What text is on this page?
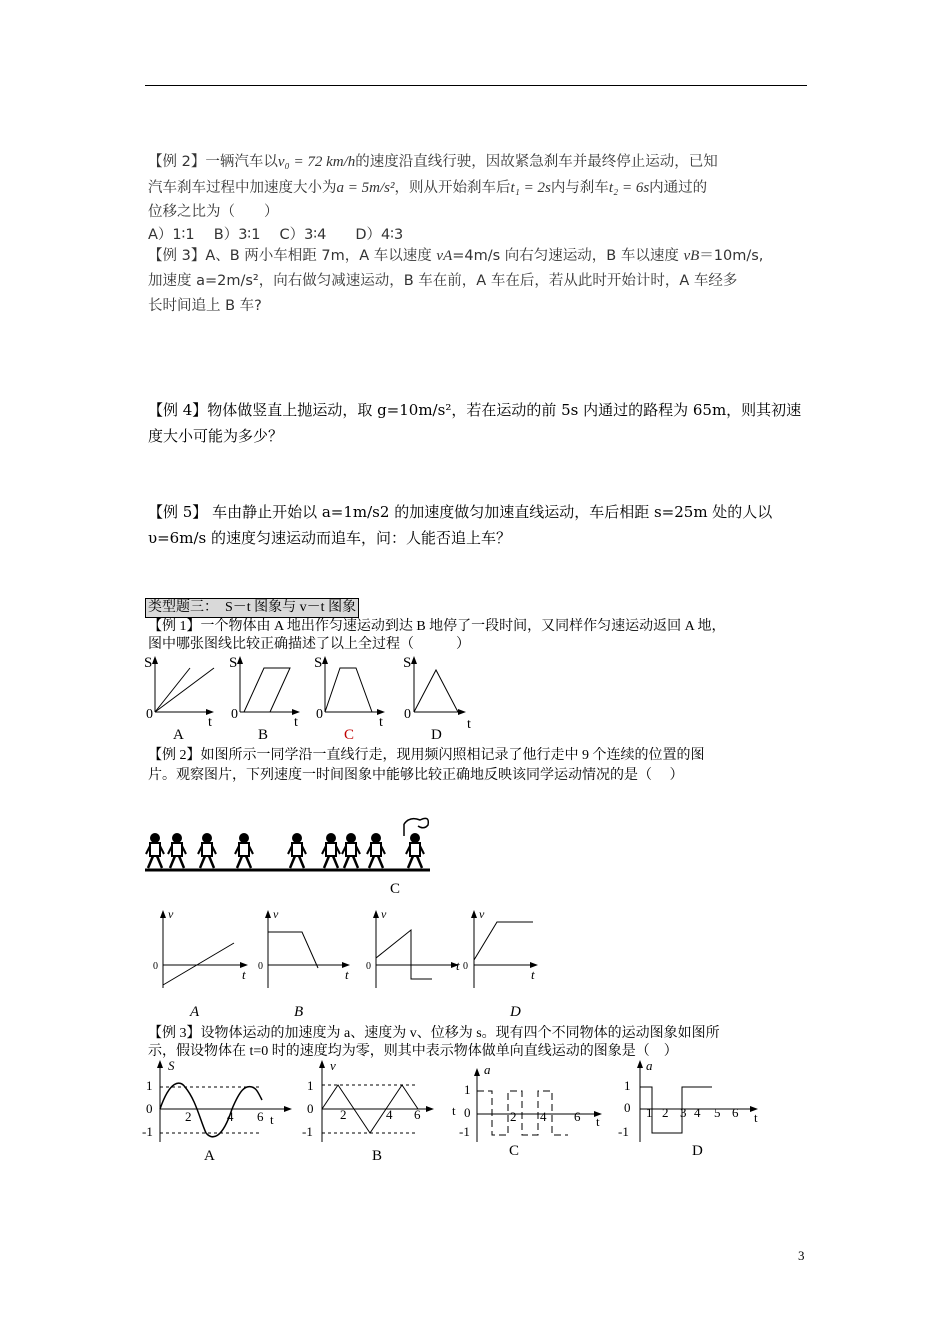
【例 2】一辆汽车以v₀ = 72 km/h的速度沿直线行驶，因故紧急刹车并最终停止运动，已知
汽车刹车过程中加速度大小为a = 5m/s²，则从开始刹车后t₁ = 2s内与刹车t₂ = 6s内通过的
位移之比为（　　）
A）1∶1　 B）3∶1　 C）3∶4　　D）4∶3
【例 3】A、B 两小车相距 7m，A 车以速度 vA=4m/s 向右匀速运动，B 车以速度 vB＝10m/s,
加速度 a=2m/s²，向右做匀减速运动，B 车在前，A 车在后，若从此时开始计时，A 车经多
长时间追上 B 车?
【例 4】物体做竖直上抛运动，取 g=10m/s²，若在运动的前 5s 内通过的路程为 65m，则其初速
度大小可能为多少？
【例 5】 车由静止开始以 a=1m/s2 的加速度做匀加速直线运动，车后相距 s=25m 处的人以
υ=6m/s 的速度匀速运动而追车，问：人能否追上车？
类型题三：　S－t 图象与 v－t 图象
【例 1】一个物体由 A 地出作匀速运动到达 B 地停了一段时间，又同样作匀速运动返回 A 地，
图中哪张图线比较正确描述了以上全过程（　　　）
S
0
t
A
S
0
t
B
S
0
t
C
S
0
t
D
【例 2】如图所示一同学沿一直线行走，现用频闪照相记录了他行走中 9 个连续的位置的图
片。观察图片，下列速度一时间图象中能够比较正确地反映该同学运动情况的是（　 ）
C
v
0
t
A
v
0
t
B
v
0	t
v
0
t
D
【例 3】设物体运动的加速度为 a、速度为 v、位移为 s。现有四个不同物体的运动图象如图所
示，假设物体在 t=0 时的速度均为零，则其中表示物体做单向直线运动的图象是（　）
S
1
0
-1
2	4 6 t
A
v
1
0
-1
2	4 6 t
B
a
1
0
-1
2 4 6 t
C
a
1
0
-1
1 2 3 4 5 6 t
D
3
